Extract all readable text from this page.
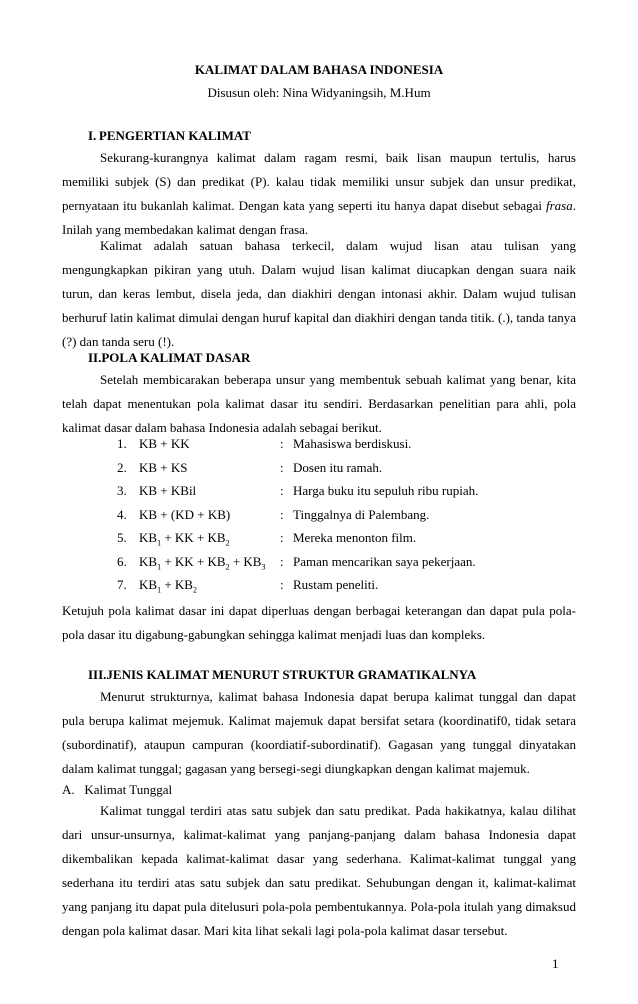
KALIMAT DALAM BAHASA INDONESIA
Disusun oleh: Nina Widyaningsih, M.Hum
I. PENGERTIAN KALIMAT
Sekurang-kurangnya kalimat dalam ragam resmi, baik lisan maupun tertulis, harus memiliki subjek (S) dan predikat (P). kalau tidak memiliki unsur subjek dan unsur predikat, pernyataan itu bukanlah kalimat. Dengan kata yang seperti itu hanya dapat disebut sebagai frasa. Inilah yang membedakan kalimat dengan frasa.
Kalimat adalah satuan bahasa terkecil, dalam wujud lisan atau tulisan yang mengungkapkan pikiran yang utuh. Dalam wujud lisan kalimat diucapkan dengan suara naik turun, dan keras lembut, disela jeda, dan diakhiri dengan intonasi akhir. Dalam wujud tulisan berhuruf latin kalimat dimulai dengan huruf kapital dan diakhiri dengan tanda titik. (.), tanda tanya (?) dan tanda seru (!).
II.POLA KALIMAT DASAR
Setelah membicarakan beberapa unsur yang membentuk sebuah kalimat yang benar, kita telah dapat menentukan pola kalimat dasar itu sendiri. Berdasarkan penelitian para ahli, pola kalimat dasar dalam bahasa Indonesia adalah sebagai berikut.
1. KB + KK	: Mahasiswa berdiskusi.
2. KB + KS	: Dosen itu ramah.
3. KB + KBil	: Harga buku itu sepuluh ribu rupiah.
4. KB + (KD + KB)	: Tinggalnya di Palembang.
5. $KB_1$ + KK + $KB_2$	: Mereka menonton film.
6. $KB_1$ + KK + $KB_2 + KB_3$ : Paman mencarikan saya pekerjaan.
7. $KB_1 + KB_2$	: Rustam peneliti.
Ketujuh pola kalimat dasar ini dapat diperluas dengan berbagai keterangan dan dapat pula pola-pola dasar itu digabung-gabungkan sehingga kalimat menjadi luas dan kompleks.
III.JENIS KALIMAT MENURUT STRUKTUR GRAMATIKALNYA
Menurut strukturnya, kalimat bahasa Indonesia dapat berupa kalimat tunggal dan dapat pula berupa kalimat mejemuk. Kalimat majemuk dapat bersifat setara (koordinatif0, tidak setara (subordinatif), ataupun campuran (koordiatif-subordinatif). Gagasan yang tunggal dinyatakan dalam kalimat tunggal; gagasan yang bersegi-segi diungkapkan dengan kalimat majemuk.
A.  Kalimat Tunggal
Kalimat tunggal terdiri atas satu subjek dan satu predikat. Pada hakikatnya, kalau dilihat dari unsur-unsurnya, kalimat-kalimat yang panjang-panjang dalam bahasa Indonesia dapat dikembalikan kepada kalimat-kalimat dasar yang sederhana. Kalimat-kalimat tunggal yang sederhana itu terdiri atas satu subjek dan satu predikat. Sehubungan dengan it, kalimat-kalimat yang panjang itu dapat pula ditelusuri pola-pola pembentukannya. Pola-pola itulah yang dimaksud dengan pola kalimat dasar. Mari kita lihat sekali lagi pola-pola kalimat dasar tersebut.
1
